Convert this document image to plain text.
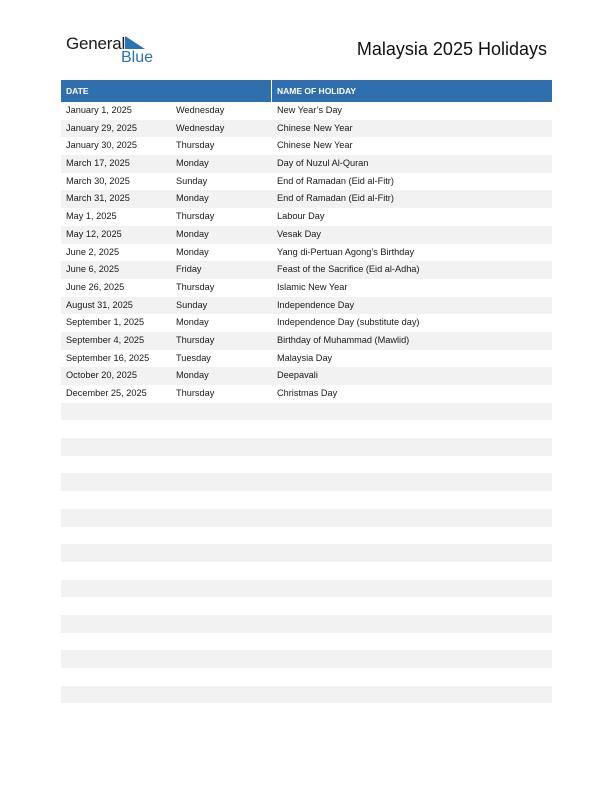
General
Blue	Malaysia 2025 Holidays
DATE	NAME OF HOLIDAY
January 1, 2025	Wednesday	New Year’s Day
January 29, 2025	Wednesday	Chinese New Year
January 30, 2025	Thursday	Chinese New Year
March 17, 2025	Monday	Day of Nuzul Al-Quran
March 30, 2025	Sunday	End of Ramadan (Eid al-Fitr)
March 31, 2025	Monday	End of Ramadan (Eid al-Fitr)
May 1, 2025	Thursday	Labour Day
May 12, 2025	Monday	Vesak Day
June 2, 2025	Monday	Yang di-Pertuan Agong’s Birthday
June 6, 2025	Friday	Feast of the Sacrifice (Eid al-Adha)
June 26, 2025	Thursday	Islamic New Year
August 31, 2025	Sunday	Independence Day
September 1, 2025	Monday	Independence Day (substitute day)
September 4, 2025	Thursday	Birthday of Muhammad (Mawlid)
September 16, 2025	Tuesday	Malaysia Day
October 20, 2025	Monday	Deepavali
December 25, 2025	Thursday	Christmas Day
